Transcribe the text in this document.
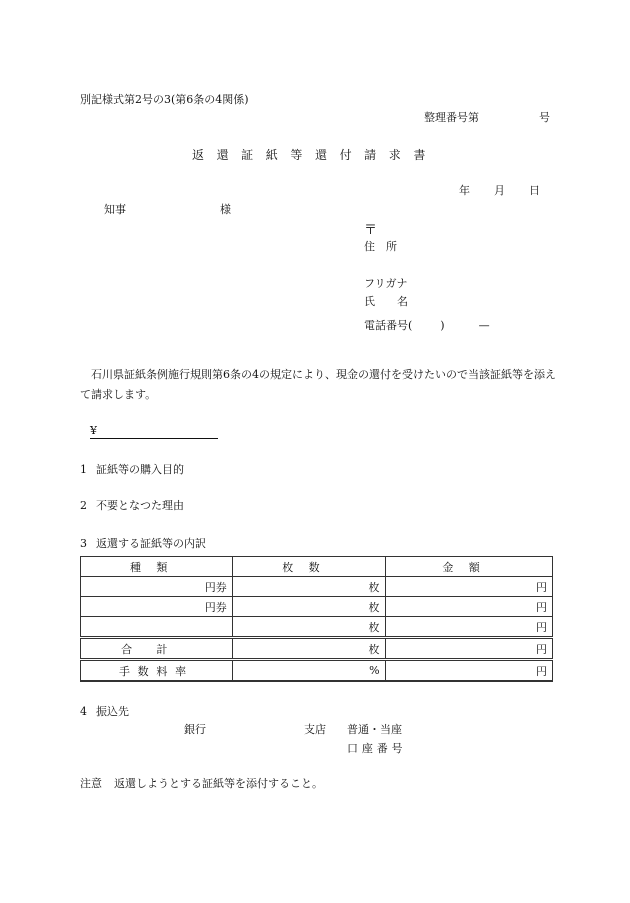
別記様式第2号の3(第6条の4関係)
整理番号第	号
返還証紙等還付請求書
年 月 日
知事	様
〒
住　所
フリガナ
氏　　名
電話番号(	)	—
石川県証紙条例施行規則第6条の4の規定により、現金の還付を受けたいので当該証紙等を添えて請求します。
¥
1 証紙等の購入目的
2 不要となつた理由
3 返還する証紙等の内訳
種類	枚数	金額
円券	枚	円
円券	枚	円
	枚	円
合計	枚	円
手数料率	%	円
4 振込先
銀行	支店 普通・当座
口座番号
注意 返還しようとする証紙等を添付すること。
